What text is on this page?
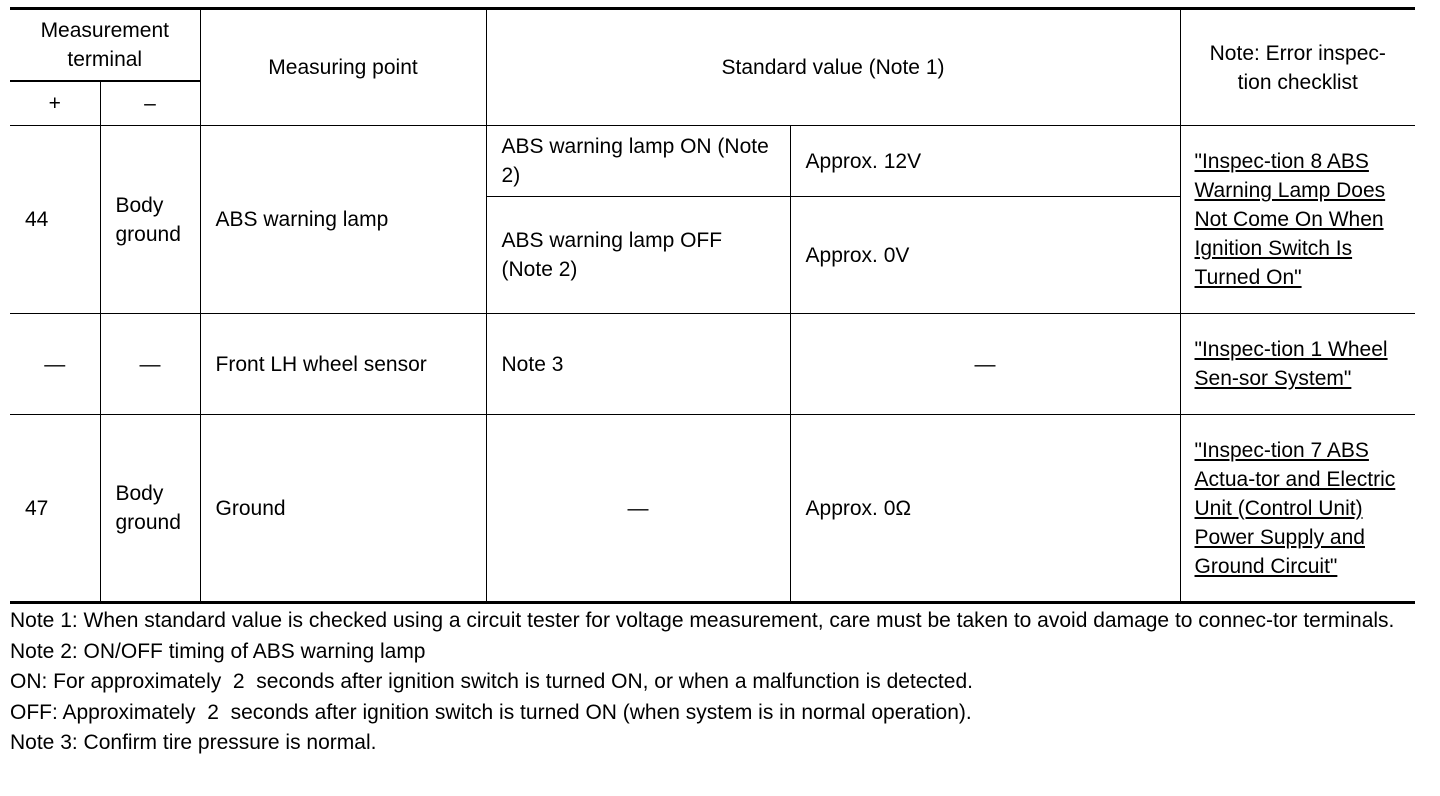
Measurement terminal		Measuring point	Standard value (Note 1)		Note: Error inspec-tion checklist
+	–				
44	Body ground	ABS warning lamp	ABS warning lamp ON (Note 2)	Approx. 12V	"Inspec-tion 8 ABS Warning Lamp Does Not Come On When Ignition Switch Is Turned On"
			ABS warning lamp OFF (Note 2)	Approx. 0V	
—	—	Front LH wheel sensor	Note 3	—	"Inspec-tion 1 Wheel Sen-sor System"
47	Body ground	Ground	—	Approx. 0Ω	"Inspec-tion 7 ABS Actua-tor and Electric Unit (Control Unit) Power Supply and Ground Circuit"

Note 1: When standard value is checked using a circuit tester for voltage measurement, care must be taken to avoid damage to connec-tor terminals.

Note 2: ON/OFF timing of ABS warning lamp

ON: For approximately 2 seconds after ignition switch is turned ON, or when a malfunction is detected.

OFF: Approximately 2 seconds after ignition switch is turned ON (when system is in normal operation).

Note 3: Confirm tire pressure is normal.
